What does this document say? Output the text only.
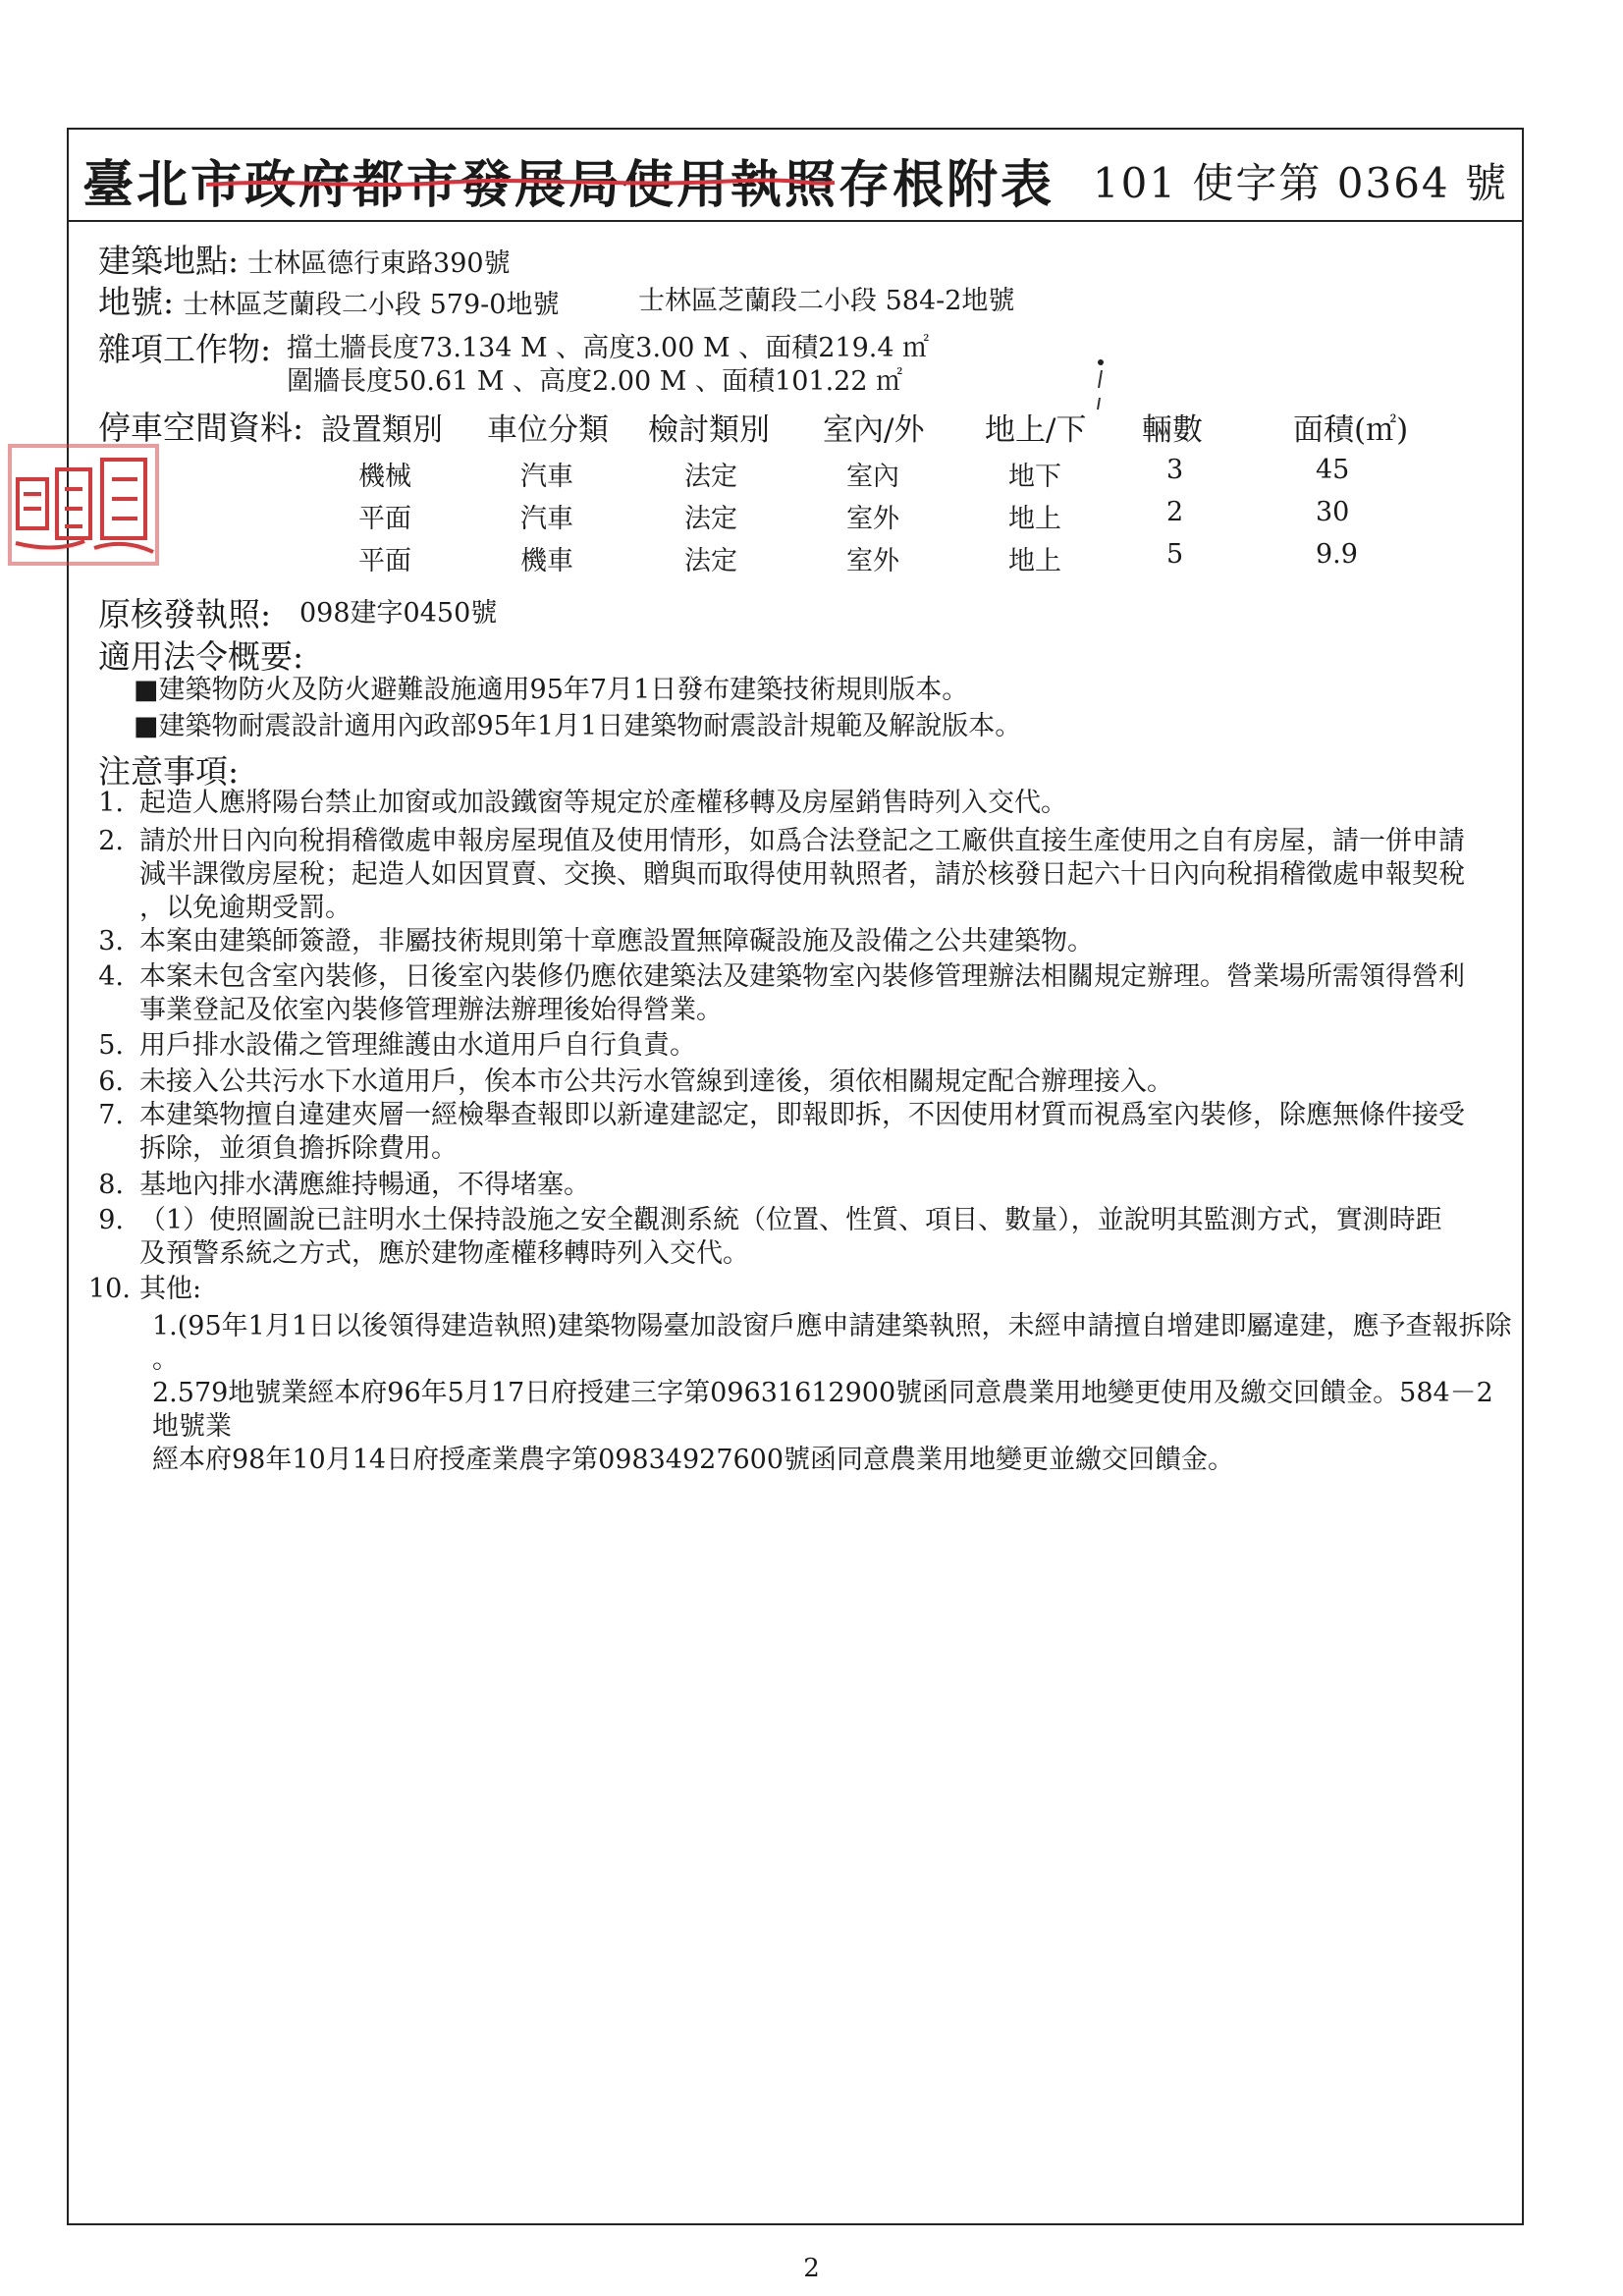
臺北市政府都市發展局使用執照存根附表 101 使字第 0364 號
建築地點: 士林區德行東路390號
地號: 士林區芝蘭段二小段 579-0地號	士林區芝蘭段二小段 584-2地號
雜項工作物: 擋土牆長度73.134 M 、高度3.00 M 、面積219.4 ㎡
圍牆長度50.61 M 、高度2.00 M 、面積101.22 ㎡
停車空間資料: 設置類別 車位分類 檢討類別 室內/外 地上/下 輛數	面積(㎡)
機械	汽車	法定	室內	地下	3	45
平面	汽車	法定	室外	地上	2	30
平面	機車	法定	室外	地上	5	9.9
原核發執照: 098建字0450號
適用法令概要:
■建築物防火及防火避難設施適用95年7月1日發布建築技術規則版本。
■建築物耐震設計適用內政部95年1月1日建築物耐震設計規範及解說版本。
注意事項:
1. 起造人應將陽台禁止加窗或加設鐵窗等規定於產權移轉及房屋銷售時列入交代。
2. 請於卅日內向稅捐稽徵處申報房屋現值及使用情形，如爲合法登記之工廠供直接生產使用之自有房屋，請一併申請
減半課徵房屋稅；起造人如因買賣、交換、贈與而取得使用執照者，請於核發日起六十日內向稅捐稽徵處申報契稅
，以免逾期受罰。
3. 本案由建築師簽證，非屬技術規則第十章應設置無障礙設施及設備之公共建築物。
4. 本案未包含室內裝修，日後室內裝修仍應依建築法及建築物室內裝修管理辦法相關規定辦理。營業場所需領得營利
事業登記及依室內裝修管理辦法辦理後始得營業。
5. 用戶排水設備之管理維護由水道用戶自行負責。
6. 未接入公共污水下水道用戶，俟本市公共污水管線到達後，須依相關規定配合辦理接入。
7. 本建築物擅自違建夾層一經檢舉查報即以新違建認定，即報即拆，不因使用材質而視爲室內裝修，除應無條件接受
拆除，並須負擔拆除費用。
8. 基地內排水溝應維持暢通，不得堵塞。
9. （1）使照圖說已註明水土保持設施之安全觀測系統（位置、性質、項目、數量），並說明其監測方式，實測時距
及預警系統之方式，應於建物產權移轉時列入交代。
10. 其他:
1.(95年1月1日以後領得建造執照)建築物陽臺加設窗戶應申請建築執照，未經申請擅自增建即屬違建，應予查報拆除
。
2.579地號業經本府96年5月17日府授建三字第09631612900號函同意農業用地變更使用及繳交回饋金。584－2地號業
經本府98年10月14日府授產業農字第09834927600號函同意農業用地變更並繳交回饋金。
2
